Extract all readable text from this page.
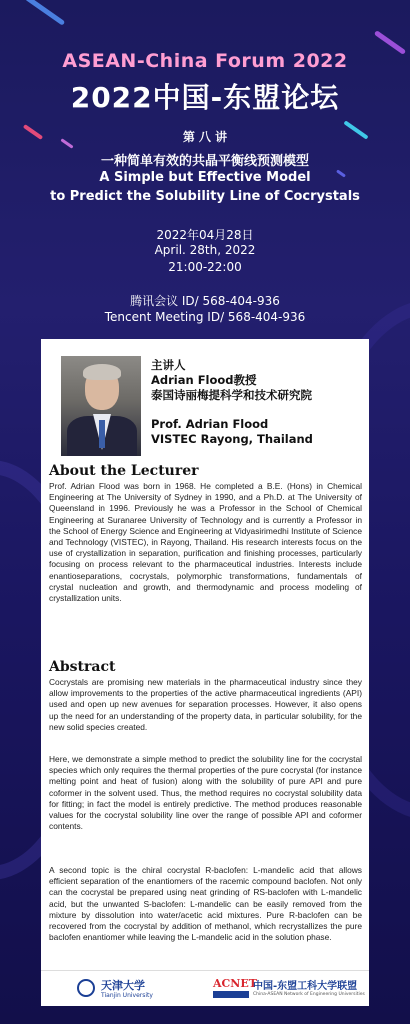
ASEAN-China Forum 2022
2022中国-东盟论坛
第 八 讲
一种简单有效的共晶平衡线预测模型
A Simple but Effective Model
to Predict the Solubility Line of Cocrystals
2022年04月28日
April. 28th, 2022
21:00-22:00
腾讯会议 ID/ 568-404-936
Tencent Meeting ID/ 568-404-936
主讲人
Adrian Flood教授
泰国诗丽梅提科学和技术研究院
Prof. Adrian Flood
VISTEC Rayong, Thailand
About the Lecturer
Prof. Adrian Flood was born in 1968. He completed a B.E. (Hons) in Chemical Engineering at The University of Sydney in 1990, and a Ph.D. at The University of Queensland in 1996. Previously he was a Professor in the School of Chemical Engineering at Suranaree University of Technology and is currently a Professor in the School of Energy Science and Engineering at Vidyasirimedhi Institute of Science and Technology (VISTEC), in Rayong, Thailand. His research interests focus on the use of crystallization in separation, purification and finishing processes, particularly focusing on process relevant to the pharmaceutical industries. Interests include enantioseparations, cocrystals, polymorphic transformations, fundamentals of crystal nucleation and growth, and thermodynamic and process modeling of crystallization units.
Abstract
Cocrystals are promising new materials in the pharmaceutical industry since they allow improvements to the properties of the active pharmaceutical ingredients (API) used and open up new avenues for separation processes. However, it also opens up the need for an understanding of the property data, in particular solubility, for the new solid species created.
Here, we demonstrate a simple method to predict the solubility line for the cocrystal species which only requires the thermal properties of the pure cocrystal (for instance melting point and heat of fusion) along with the solubility of pure API and pure coformer in the solvent used. Thus, the method requires no cocrystal solubility data for fitting; in fact the model is entirely predictive. The method produces reasonable values for the cocrystal solubility line over the range of possible API and coformer contents.
A second topic is the chiral cocrystal R-baclofen: L-mandelic acid that allows efficient separation of the enantiomers of the racemic compound baclofen. Not only can the cocrystal be prepared using neat grinding of RS-baclofen with L-mandelic acid, but the unwanted S-baclofen: L-mandelic can be easily removed from the mixture by dissolution into water/acetic acid mixtures. Pure R-baclofen can be recovered from the cocrystal by addition of methanol, which recrystallizes the pure baclofen enantiomer while leaving the L-mandelic acid in the solution phase.
天津大学
Tianjin University
ACNET
中国-东盟工科大学联盟
China-ASEAN Network of Engineering Universities
